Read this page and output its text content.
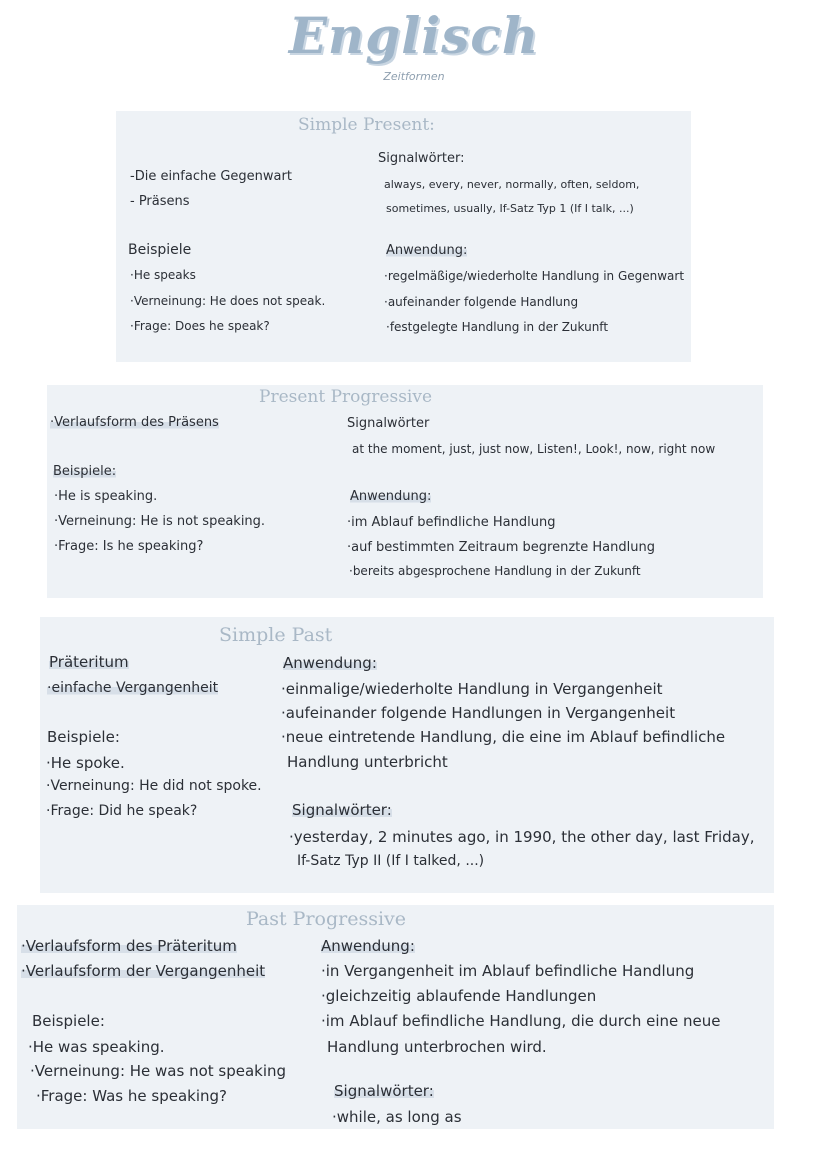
Englisch
Zeitformen
Simple Present:
-Die einfache Gegenwart
- Präsens
Beispiele
·He speaks
·Verneinung: He does not speak.
·Frage: Does he speak?
Signalwörter:
always, every, never, normally, often, seldom,
sometimes, usually, If-Satz Typ 1 (If I talk, ...)
Anwendung:
·regelmäßige/wiederholte Handlung in Gegenwart
·aufeinander folgende Handlung
·festgelegte Handlung in der Zukunft
Present Progressive
·Verlaufsform des Präsens
Beispiele:
·He is speaking.
·Verneinung: He is not speaking.
·Frage: Is he speaking?
Signalwörter
at the moment, just, just now, Listen!, Look!, now, right now
Anwendung:
·im Ablauf befindliche Handlung
·auf bestimmten Zeitraum begrenzte Handlung
·bereits abgesprochene Handlung in der Zukunft
Simple Past
Präteritum
·einfache Vergangenheit
Beispiele:
·He spoke.
·Verneinung: He did not spoke.
·Frage: Did he speak?
Anwendung:
·einmalige/wiederholte Handlung in Vergangenheit
·aufeinander folgende Handlungen in Vergangenheit
·neue eintretende Handlung, die eine im Ablauf befindliche
Handlung unterbricht
Signalwörter:
·yesterday, 2 minutes ago, in 1990, the other day, last Friday,
If-Satz Typ II (If I talked, ...)
Past Progressive
·Verlaufsform des Präteritum
·Verlaufsform der Vergangenheit
Beispiele:
·He was speaking.
·Verneinung: He was not speaking
·Frage: Was he speaking?
Anwendung:
·in Vergangenheit im Ablauf befindliche Handlung
·gleichzeitig ablaufende Handlungen
·im Ablauf befindliche Handlung, die durch eine neue
Handlung unterbrochen wird.
Signalwörter:
·while, as long as
